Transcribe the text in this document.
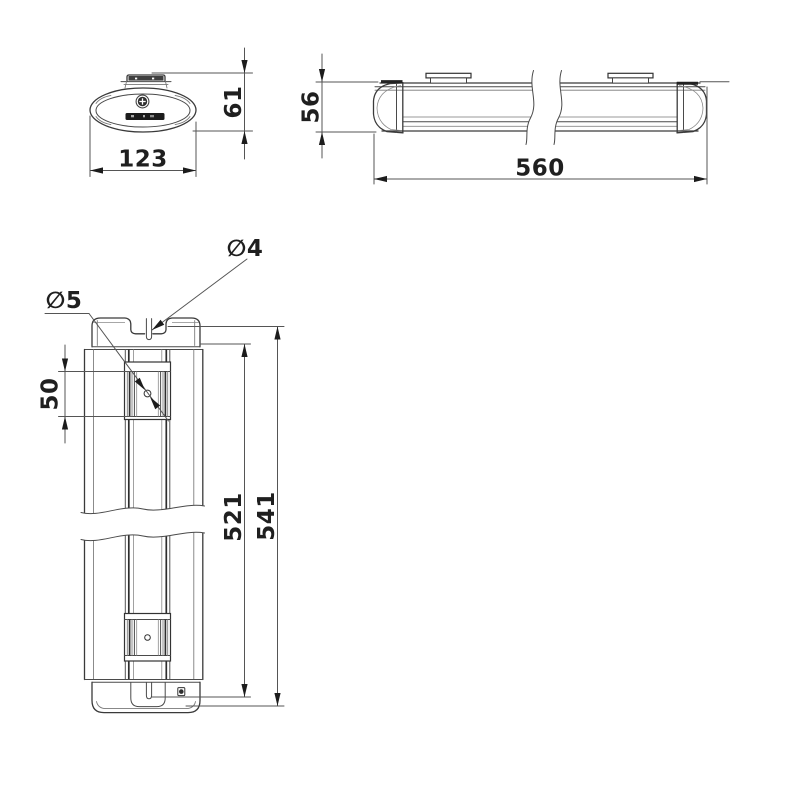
61
123
56
560
50
521 541
∅4
∅5
